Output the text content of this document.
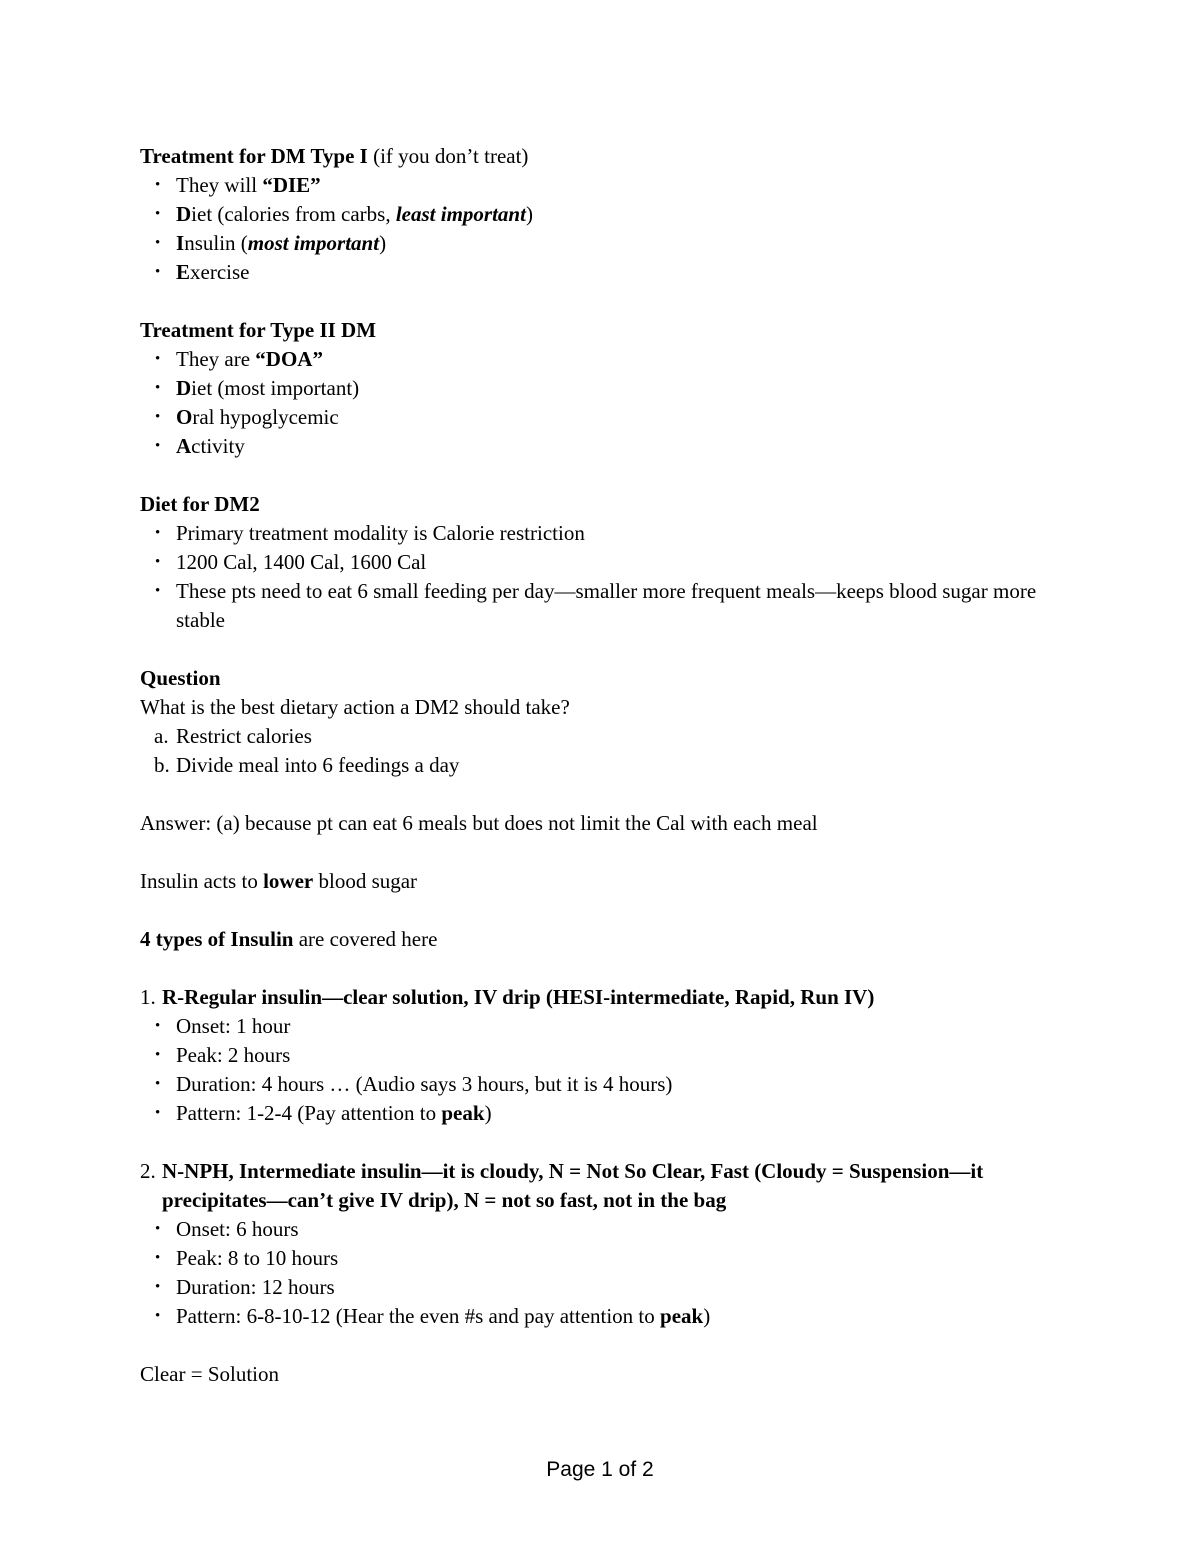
Treatment for DM Type I (if you don’t treat)
• They will “DIE”
• Diet (calories from carbs, least important)
• Insulin (most important)
• Exercise
Treatment for Type II DM
• They are “DOA”
• Diet (most important)
• Oral hypoglycemic
• Activity
Diet for DM2
• Primary treatment modality is Calorie restriction
• 1200 Cal, 1400 Cal, 1600 Cal
• These pts need to eat 6 small feeding per day—smaller more frequent meals—keeps blood sugar more stable
Question
What is the best dietary action a DM2 should take?
a. Restrict calories
b. Divide meal into 6 feedings a day
Answer: (a) because pt can eat 6 meals but does not limit the Cal with each meal
Insulin acts to lower blood sugar
4 types of Insulin are covered here
1. R-Regular insulin—clear solution, IV drip (HESI-intermediate, Rapid, Run IV)
• Onset: 1 hour
• Peak: 2 hours
• Duration: 4 hours … (Audio says 3 hours, but it is 4 hours)
• Pattern: 1-2-4 (Pay attention to peak)
2. N-NPH, Intermediate insulin—it is cloudy, N = Not So Clear, Fast (Cloudy = Suspension—it precipitates—can’t give IV drip), N = not so fast, not in the bag
• Onset: 6 hours
• Peak: 8 to 10 hours
• Duration: 12 hours
• Pattern: 6-8-10-12 (Hear the even #s and pay attention to peak)
Clear = Solution
Page 1 of 2
